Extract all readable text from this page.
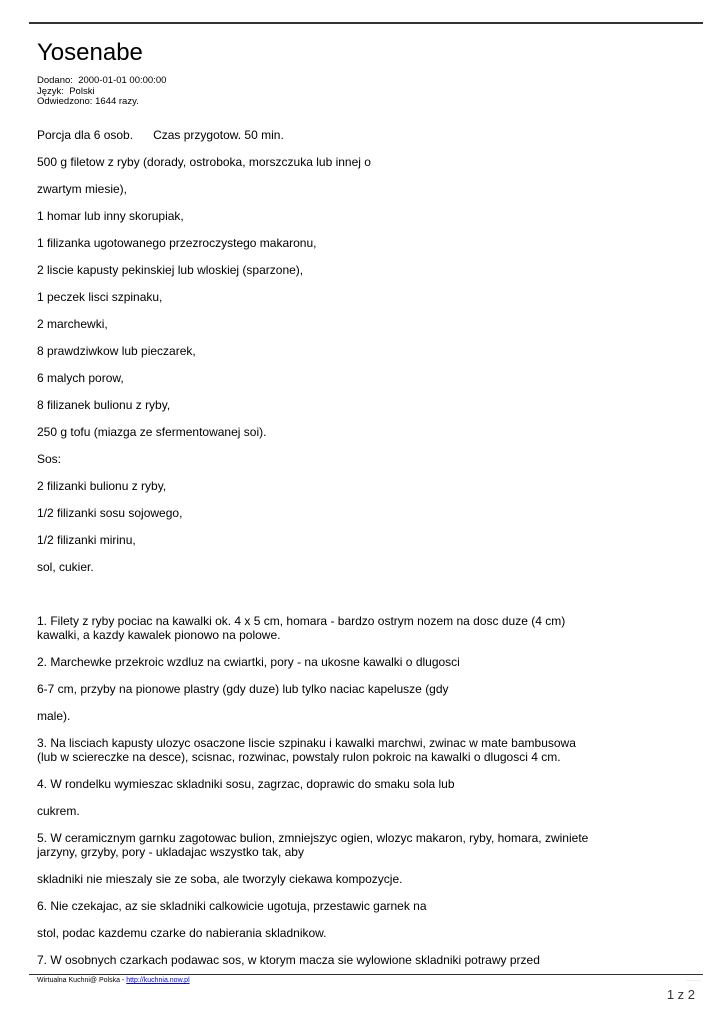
Yosenabe
Dodano: 2000-01-01 00:00:00
Język: Polski
Odwiedzono: 1644 razy.
Porcja dla 6 osob. Czas przygotow. 50 min.
500 g filetow z ryby (dorady, ostroboka, morszczuka lub innej o
zwartym miesie),
1 homar lub inny skorupiak,
1 filizanka ugotowanego przezroczystego makaronu,
2 liscie kapusty pekinskiej lub wloskiej (sparzone),
1 peczek lisci szpinaku,
2 marchewki,
8 prawdziwkow lub pieczarek,
6 malych porow,
8 filizanek bulionu z ryby,
250 g tofu (miazga ze sfermentowanej soi).
Sos:
2 filizanki bulionu z ryby,
1/2 filizanki sosu sojowego,
1/2 filizanki mirinu,
sol, cukier.
1. Filety z ryby pociac na kawalki ok. 4 x 5 cm, homara - bardzo ostrym nozem na dosc duze (4 cm)
kawalki, a kazdy kawalek pionowo na polowe.
2. Marchewke przekroic wzdluz na cwiartki, pory - na ukosne kawalki o dlugosci
6-7 cm, przyby na pionowe plastry (gdy duze) lub tylko naciac kapelusze (gdy
male).
3. Na lisciach kapusty ulozyc osaczone liscie szpinaku i kawalki marchwi, zwinac w mate bambusowa
(lub w sciereczke na desce), scisnac, rozwinac, powstaly rulon pokroic na kawalki o dlugosci 4 cm.
4. W rondelku wymieszac skladniki sosu, zagrzac, doprawic do smaku sola lub
cukrem.
5. W ceramicznym garnku zagotowac bulion, zmniejszyc ogien, wlozyc makaron, ryby, homara, zwiniete
jarzyny, grzyby, pory - ukladajac wszystko tak, aby
skladniki nie mieszaly sie ze soba, ale tworzyly ciekawa kompozycje.
6. Nie czekajac, az sie skladniki calkowicie ugotuja, przestawic garnek na
stol, podac kazdemu czarke do nabierania skladnikow.
7. W osobnych czarkach podawac sos, w ktorym macza sie wylowione skladniki potrawy przed
Wirtualna Kuchni@ Polska - http://kuchnia.now.pl	—————
1 z 2
